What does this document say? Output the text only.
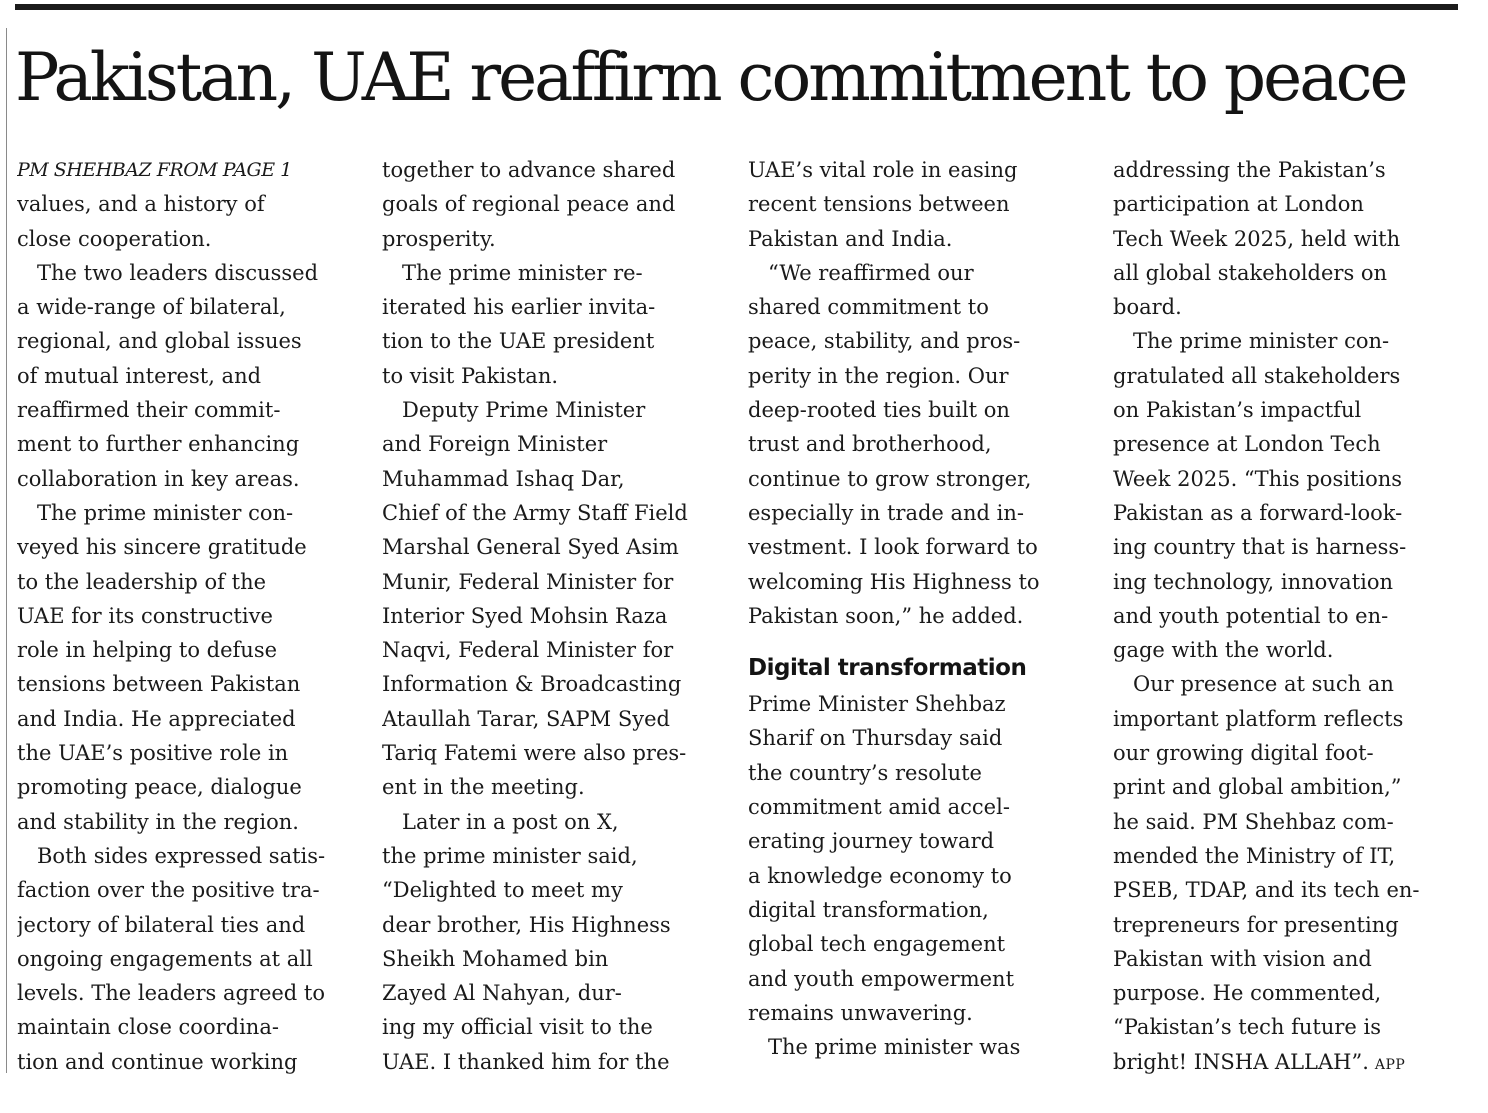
Pakistan, UAE reaffirm commitment to peace

PM SHEHBAZ FROM PAGE 1

values, and a history of

close cooperation.

The two leaders discussed

a wide-range of bilateral,

regional, and global issues

of mutual interest, and

reaffirmed their commit-

ment to further enhancing

collaboration in key areas.

The prime minister con-

veyed his sincere gratitude

to the leadership of the

UAE for its constructive

role in helping to defuse

tensions between Pakistan

and India. He appreciated

the UAE’s positive role in

promoting peace, dialogue

and stability in the region.

Both sides expressed satis-

faction over the positive tra-

jectory of bilateral ties and

ongoing engagements at all

levels. The leaders agreed to

maintain close coordina-

tion and continue working

together to advance shared

goals of regional peace and

prosperity.

The prime minister re-

iterated his earlier invita-

tion to the UAE president

to visit Pakistan.

Deputy Prime Minister

and Foreign Minister

Muhammad Ishaq Dar,

Chief of the Army Staff Field

Marshal General Syed Asim

Munir, Federal Minister for

Interior Syed Mohsin Raza

Naqvi, Federal Minister for

Information & Broadcasting

Ataullah Tarar, SAPM Syed

Tariq Fatemi were also pres-

ent in the meeting.

Later in a post on X,

the prime minister said,

“Delighted to meet my

dear brother, His Highness

Sheikh Mohamed bin

Zayed Al Nahyan, dur-

ing my official visit to the

UAE. I thanked him for the

UAE’s vital role in easing

recent tensions between

Pakistan and India.

“We reaffirmed our

shared commitment to

peace, stability, and pros-

perity in the region. Our

deep-rooted ties built on

trust and brotherhood,

continue to grow stronger,

especially in trade and in-

vestment. I look forward to

welcoming His Highness to

Pakistan soon,” he added.

Digital transformation

Prime Minister Shehbaz

Sharif on Thursday said

the country’s resolute

commitment amid accel-

erating journey toward

a knowledge economy to

digital transformation,

global tech engagement

and youth empowerment

remains unwavering.

The prime minister was

addressing the Pakistan’s

participation at London

Tech Week 2025, held with

all global stakeholders on

board.

The prime minister con-

gratulated all stakeholders

on Pakistan’s impactful

presence at London Tech

Week 2025. “This positions

Pakistan as a forward-look-

ing country that is harness-

ing technology, innovation

and youth potential to en-

gage with the world.

Our presence at such an

important platform reflects

our growing digital foot-

print and global ambition,”

he said. PM Shehbaz com-

mended the Ministry of IT,

PSEB, TDAP, and its tech en-

trepreneurs for presenting

Pakistan with vision and

purpose. He commented,

“Pakistan’s tech future is

bright! INSHA ALLAH”. APP
